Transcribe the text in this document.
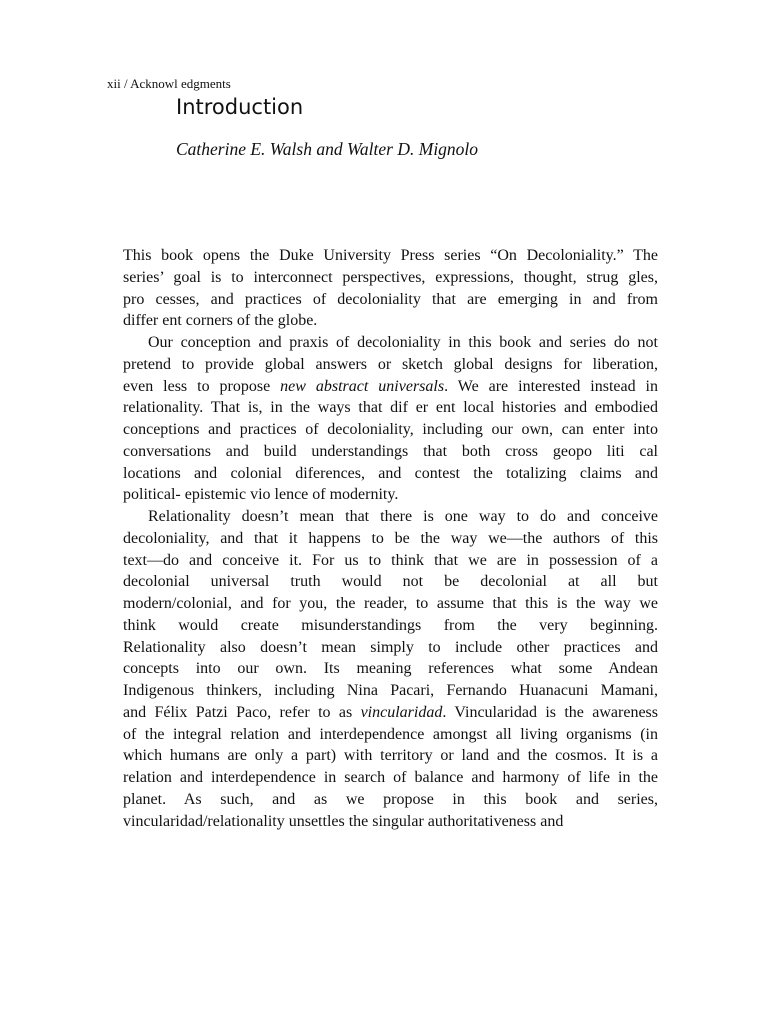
xii / Acknowl edgments
Introduction
Catherine E. Walsh and Walter D. Mignolo
This book opens the Duke University Press series “On Decoloniality.” The
series’ goal is to interconnect perspectives, expressions, thought, strug gles,
pro cesses, and practices of decoloniality that are emerging in and from
differ ent corners of the globe.
Our conception and praxis of decoloniality in this book and series do not
pretend to provide global answers or sketch global designs for liberation,
even less to propose new abstract universals. We are interested instead in
relationality. That is, in the ways that dif er ent local histories and embodied
conceptions and practices of decoloniality, including our own, can enter into
conversations and build understandings that both cross geopo liti cal
locations and colonial diferences, and contest the totalizing claims and
political- epistemic vio lence of modernity.
Relationality doesn’t mean that there is one way to do and conceive
decoloniality, and that it happens to be the way we—the authors of this
text—do and conceive it. For us to think that we are in possession of a
decolonial universal truth would not be decolonial at all but
modern/colonial, and for you, the reader, to assume that this is the way we
think would create misunderstandings from the very beginning.
Relationality also doesn’t mean simply to include other practices and
concepts into our own. Its meaning references what some Andean
Indigenous thinkers, including Nina Pacari, Fernando Huanacuni Mamani,
and Félix Patzi Paco, refer to as vincularidad. Vincularidad is the awareness
of the integral relation and interdependence amongst all living organisms (in
which humans are only a part) with territory or land and the cosmos. It is a
relation and interdependence in search of balance and harmony of life in the
planet. As such, and as we propose in this book and series,
vincularidad/relationality unsettles the singular authoritativeness and
